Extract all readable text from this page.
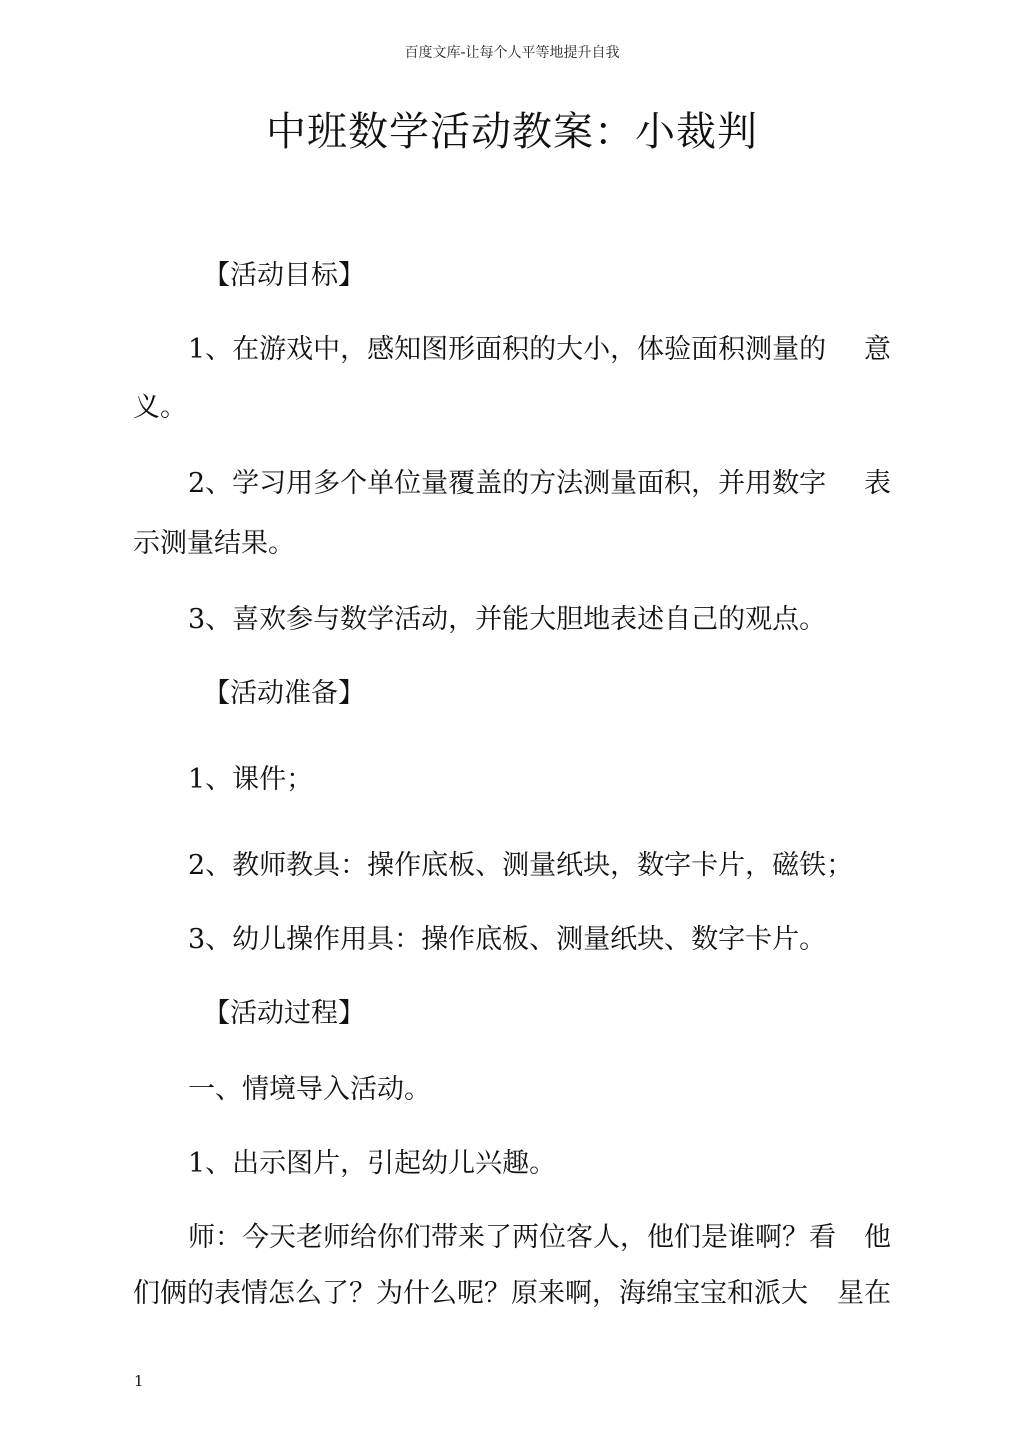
百度文库-让每个人平等地提升自我
中班数学活动教案：小裁判
【活动目标】
1、在游戏中，感知图形面积的大小，体验面积测量的 意
义。
2、学习用多个单位量覆盖的方法测量面积，并用数字 表
示测量结果。
3、喜欢参与数学活动，并能大胆地表述自己的观点。
【活动准备】
1、课件；
2、教师教具：操作底板、测量纸块，数字卡片，磁铁；
3、幼儿操作用具：操作底板、测量纸块、数字卡片。
【活动过程】
一、情境导入活动。
1、出示图片，引起幼儿兴趣。
师：今天老师给你们带来了两位客人，他们是谁啊？看 他
们俩的表情怎么了？为什么呢？原来啊，海绵宝宝和派大 星在
1
